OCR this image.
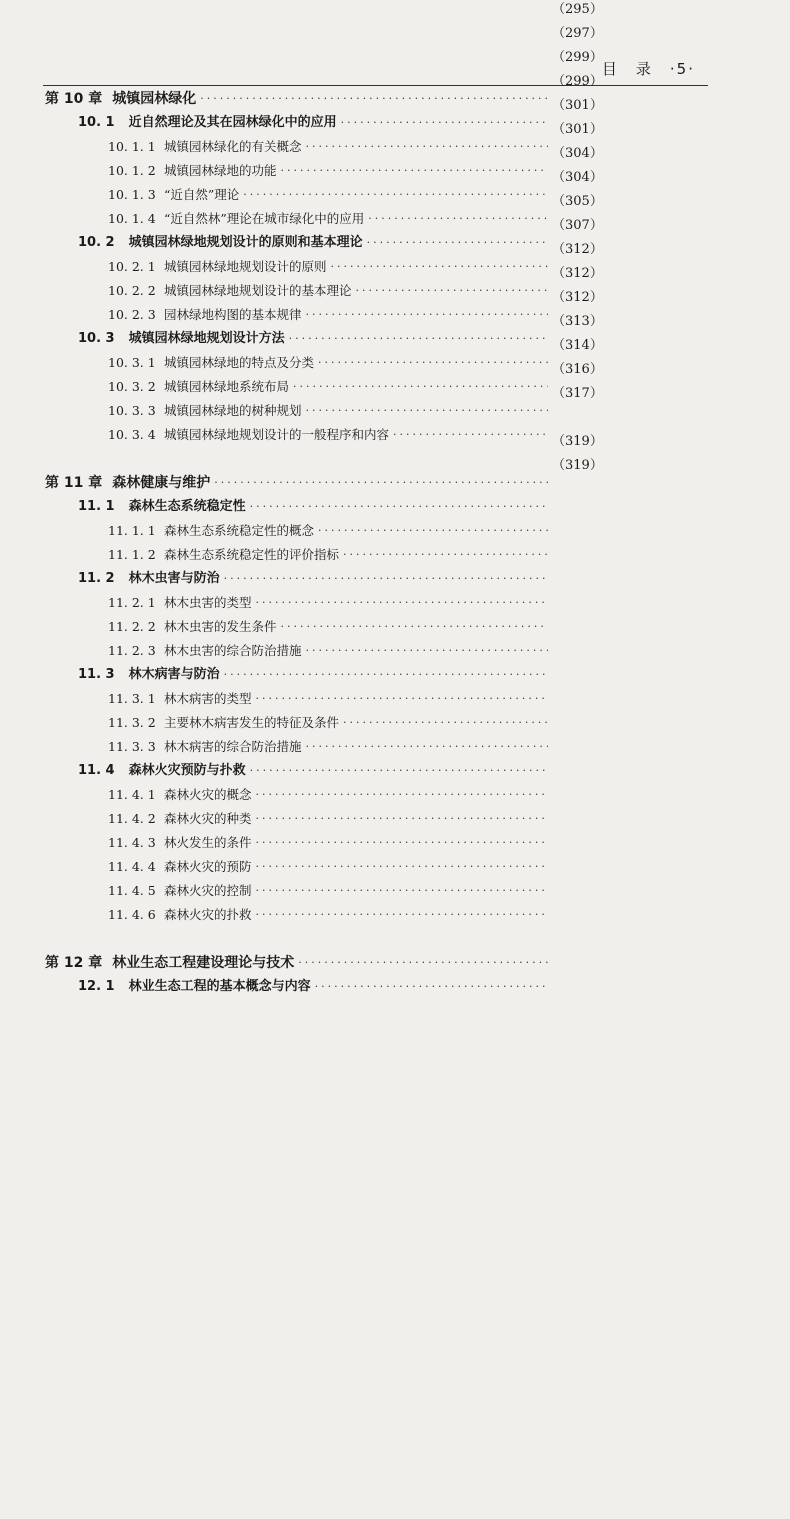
目　录　·5·
第 10 章 城镇园林绿化
·····
10. 1 近自然理论及其在园林绿化中的应用
·····
10. 1. 1 城镇园林绿化的有关概念
·····
10. 1. 2 城镇园林绿地的功能
·····
10. 1. 3 “近自然”理论
·····
10. 1. 4 “近自然林”理论在城市绿化中的应用
·····
10. 2 城镇园林绿地规划设计的原则和基本理论
·····
10. 2. 1 城镇园林绿地规划设计的原则
·····
10. 2. 2 城镇园林绿地规划设计的基本理论
·····
10. 2. 3 园林绿地构图的基本规律
·····
10. 3 城镇园林绿地规划设计方法
·····
10. 3. 1 城镇园林绿地的特点及分类
·····
10. 3. 2 城镇园林绿地系统布局
·····
10. 3. 3 城镇园林绿地的树种规划
·····
10. 3. 4 城镇园林绿地规划设计的一般程序和内容
·····
第 11 章 森林健康与维护
·····
11. 1 森林生态系统稳定性
·····
11. 1. 1 森林生态系统稳定性的概念
·····
（295）
11. 1. 2 森林生态系统稳定性的评价指标
·····
（297）
11. 2 林木虫害与防治
·····
（299）
11. 2. 1 林木虫害的类型
·····
（299）
11. 2. 2 林木虫害的发生条件
·····
（301）
11. 2. 3 林木虫害的综合防治措施
·····
（301）
11. 3 林木病害与防治
·····
（304）
11. 3. 1 林木病害的类型
·····
（304）
11. 3. 2 主要林木病害发生的特征及条件
·····
（305）
11. 3. 3 林木病害的综合防治措施
·····
（307）
11. 4 森林火灾预防与扑救
·····
（312）
11. 4. 1 森林火灾的概念
·····
（312）
11. 4. 2 森林火灾的种类
·····
（312）
11. 4. 3 林火发生的条件
·····
（313）
11. 4. 4 森林火灾的预防
·····
（314）
11. 4. 5 森林火灾的控制
·····
（316）
11. 4. 6 森林火灾的扑救
·····
（317）
第 12 章 林业生态工程建设理论与技术
·····
（319）
12. 1 林业生态工程的基本概念与内容
·····
（319）
